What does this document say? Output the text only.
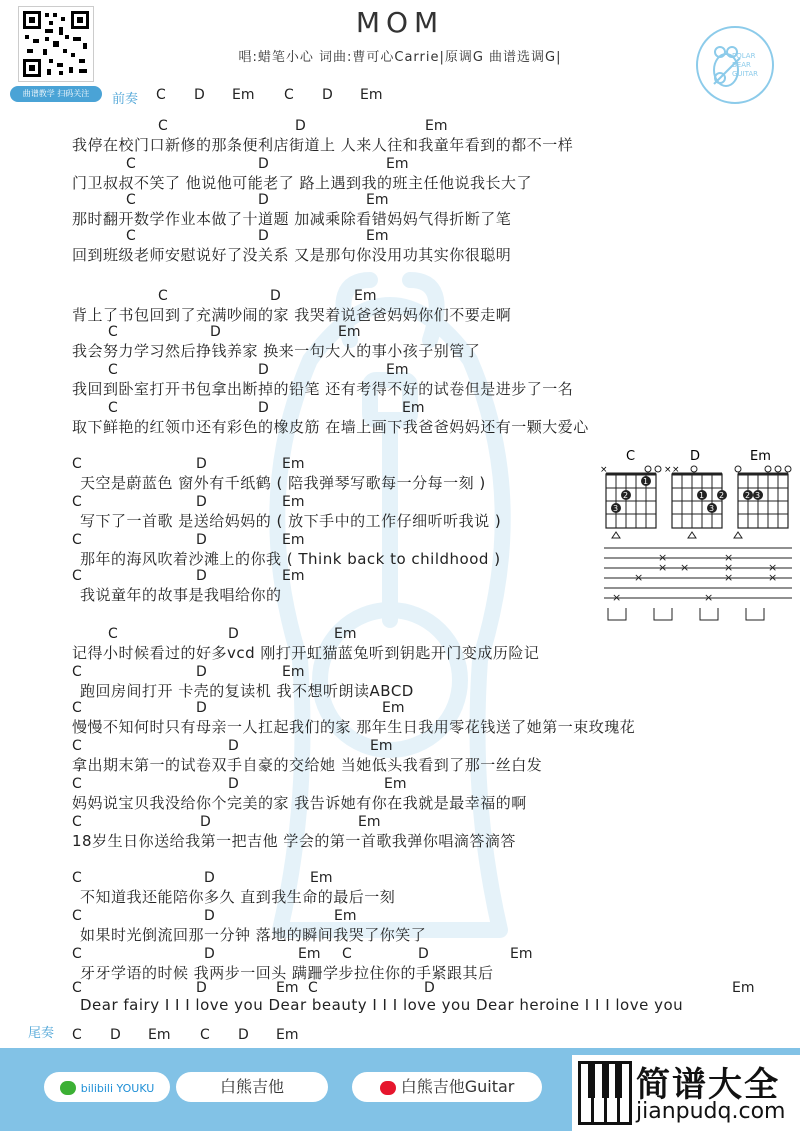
曲谱教学 扫码关注
MOM
唱:蜡笔小心 词曲:曹可心Carrie|原调G 曲谱选调G|	POLAR BEAR GUITAR
前奏 C D Em C D Em
C	D	Em
我停在校门口新修的那条便利店街道上 人来人往和我童年看到的都不一样
C	D	Em
门卫叔叔不笑了 他说他可能老了 路上遇到我的班主任他说我长大了
C	D	Em
那时翻开数学作业本做了十道题 加减乘除看错妈妈气得折断了笔
C	D	Em
回到班级老师安慰说好了没关系 又是那句你没用功其实你很聪明
C	D	Em
背上了书包回到了充满吵闹的家 我哭着说爸爸妈妈你们不要走啊
C	D	Em
我会努力学习然后挣钱养家 换来一句大人的事小孩子别管了
C	D	Em
我回到卧室打开书包拿出断掉的铅笔 还有考得不好的试卷但是进步了一名
C	D	Em
取下鲜艳的红领巾还有彩色的橡皮筋 在墙上画下我爸爸妈妈还有一颗大爱心
C	D	Em
天空是蔚蓝色 窗外有千纸鹤 ( 陪我弹琴写歌每一分每一刻 )
C	D	Em
写下了一首歌 是送给妈妈的 ( 放下手中的工作仔细听听我说 )
C	D	Em
那年的海风吹着沙滩上的你我 ( Think back to childhood )
C	D	Em
我说童年的故事是我唱给你的
C	D	Em
记得小时候看过的好多vcd 刚打开虹猫蓝兔听到钥匙开门变成历险记
C	D	Em
跑回房间打开 卡壳的复读机 我不想听朗读ABCD
C	D	Em
慢慢不知何时只有母亲一人扛起我们的家 那年生日我用零花钱送了她第一束玫瑰花
C	D	Em
拿出期末第一的试卷双手自豪的交给她 当她低头我看到了那一丝白发
C	D	Em
妈妈说宝贝我没给你个完美的家 我告诉她有你在我就是最幸福的啊
C	D	Em
18岁生日你送给我第一把吉他 学会的第一首歌我弹你唱滴答滴答
C	D	Em
不知道我还能陪你多久 直到我生命的最后一刻
C	D	Em
如果时光倒流回那一分钟 落地的瞬间我哭了你笑了
C	D	Em C	D	Em
牙牙学语的时候 我两步一回头 蹒跚学步拉住你的手紧跟其后
C	D	Em C	D	Em
Dear fairy I I I love you Dear beauty I I I love you Dear heroine I I I love you
C
×
3
2
1
D
× ×
1 2
3
Em
2 3
×
×
×
× ×
×
×
×
×
×
×
尾奏 C D Em C D Em
bilibili YOUKU	白熊吉他	白熊吉他Guitar	简谱大全
jianpudq.com
